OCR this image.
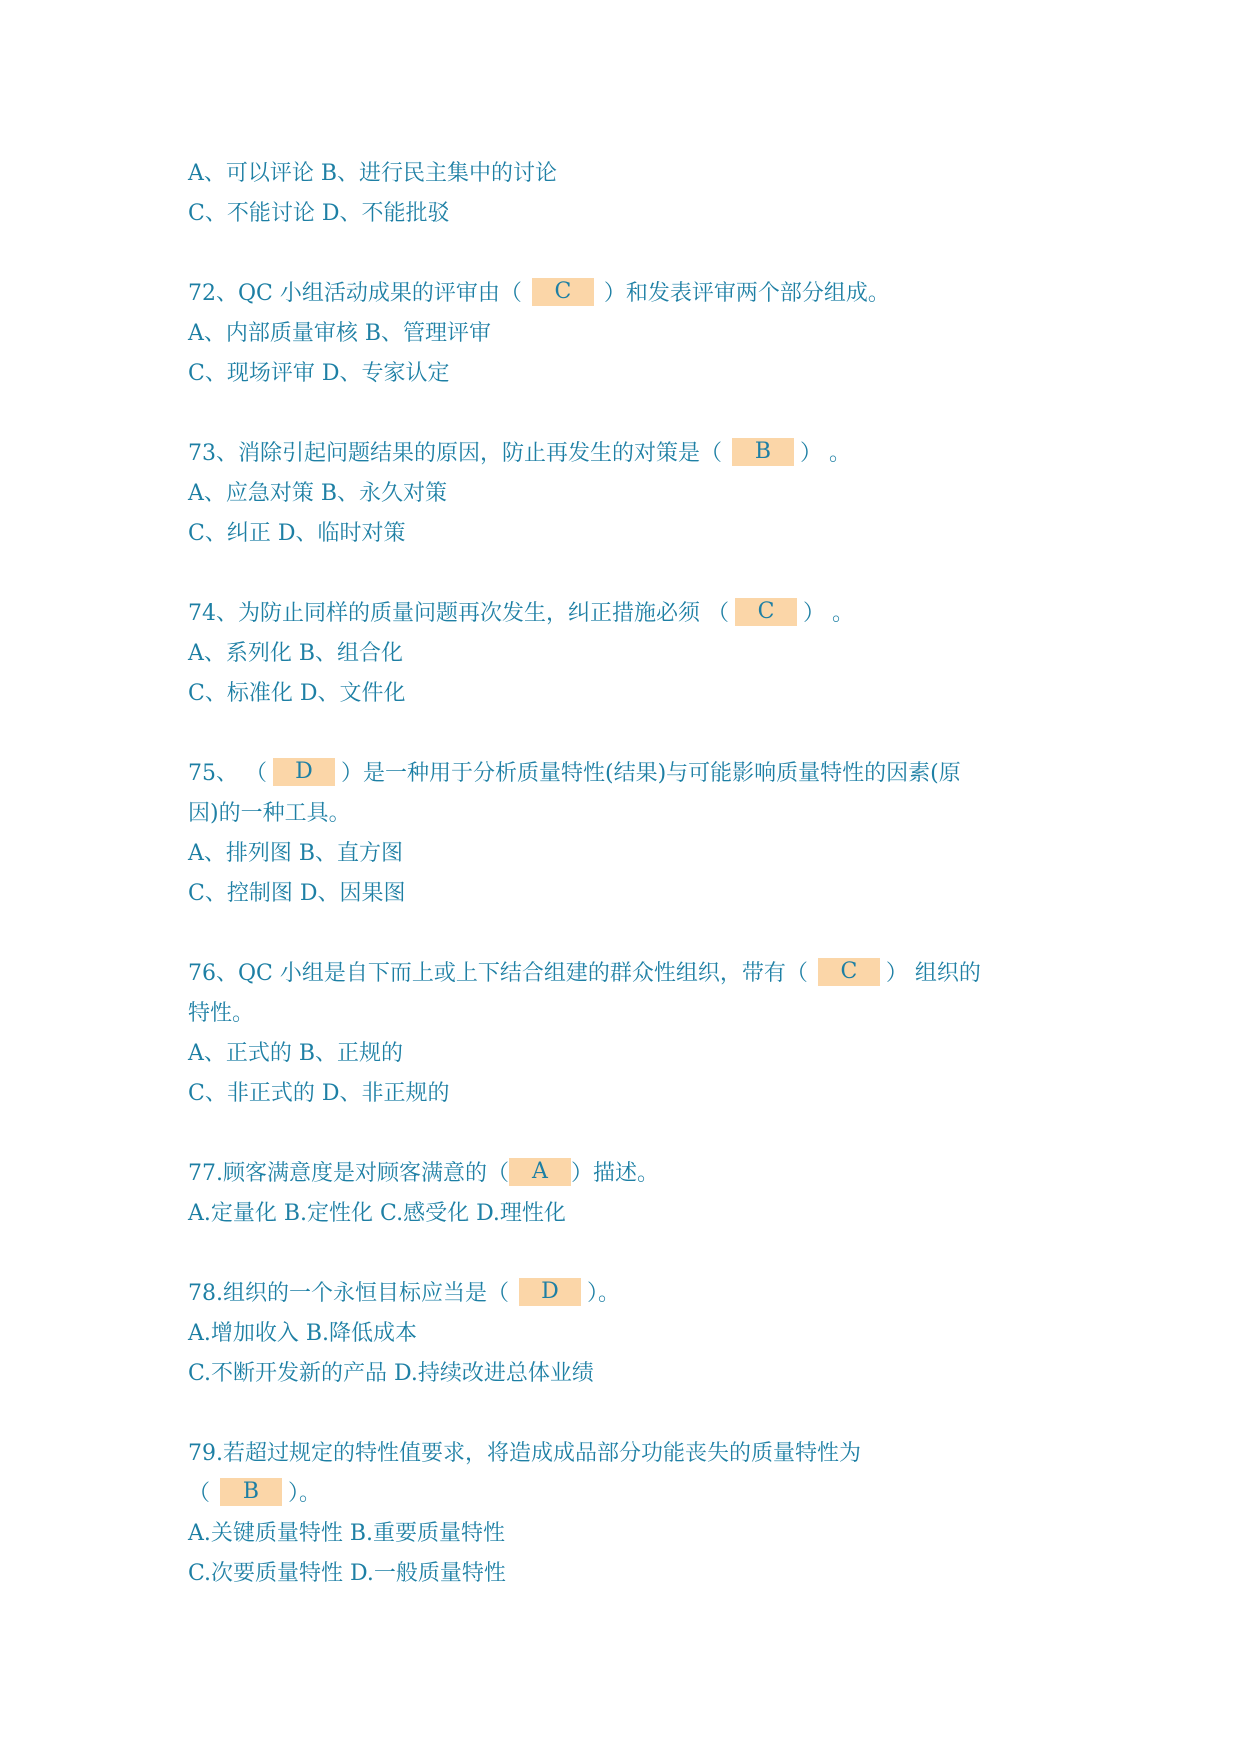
A、可以评论 B、进行民主集中的讨论
C、不能讨论 D、不能批驳
72、QC 小组活动成果的评审由（ C ）和发表评审两个部分组成。
A、内部质量审核 B、管理评审
C、现场评审 D、专家认定
73、消除引起问题结果的原因，防止再发生的对策是（ B ） 。
A、应急对策 B、永久对策
C、纠正 D、临时对策
74、为防止同样的质量问题再次发生，纠正措施必须 （ C ） 。
A、系列化 B、组合化
C、标准化 D、文件化
75、 （ D ）是一种用于分析质量特性(结果)与可能影响质量特性的因素(原
因)的一种工具。
A、排列图 B、直方图
C、控制图 D、因果图
76、QC 小组是自下而上或上下结合组建的群众性组织，带有（ C ） 组织的
特性。
A、正式的 B、正规的
C、非正式的 D、非正规的
77.顾客满意度是对顾客满意的（ A ）描述。
A.定量化 B.定性化 C.感受化 D.理性化
78.组织的一个永恒目标应当是（ D ）。
A.增加收入 B.降低成本
C.不断开发新的产品 D.持续改进总体业绩
79.若超过规定的特性值要求，将造成成品部分功能丧失的质量特性为
（ B ）。
A.关键质量特性 B.重要质量特性
C.次要质量特性 D.一般质量特性
